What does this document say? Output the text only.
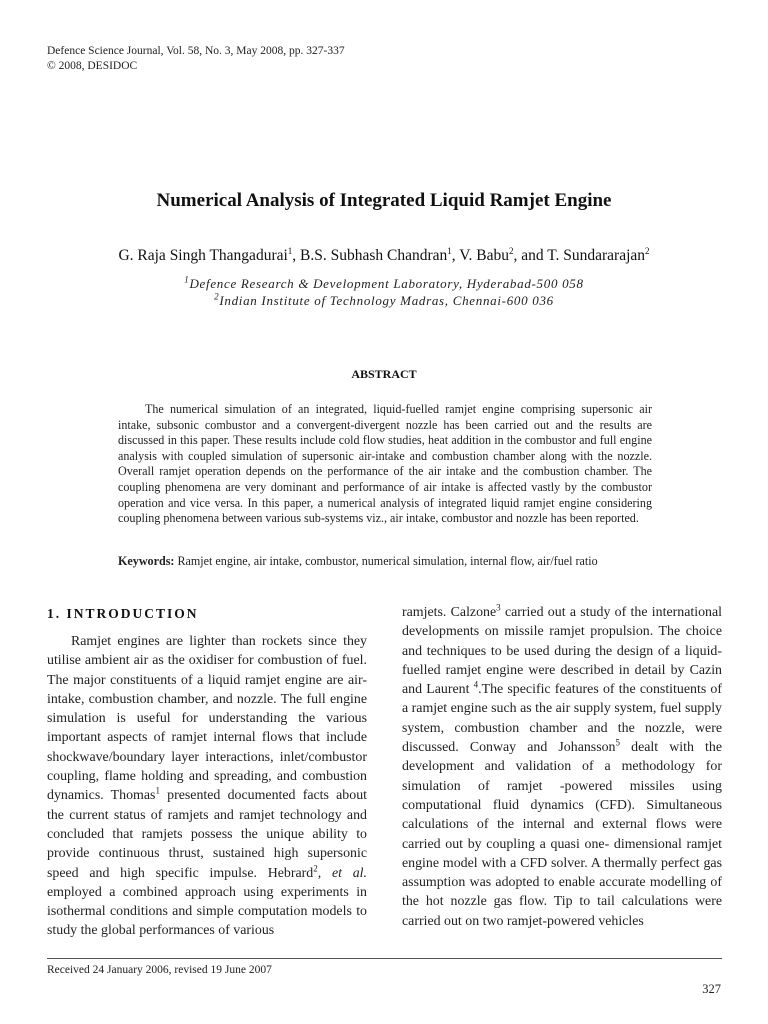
Defence Science Journal, Vol. 58, No. 3, May 2008, pp. 327-337
© 2008, DESIDOC
Numerical Analysis of Integrated Liquid Ramjet Engine
G. Raja Singh Thangadurai$^1$, B.S. Subhash Chandran$^1$, V. Babu$^2$, and T. Sundararajan$^2$
$^1$Defence Research & Development Laboratory, Hyderabad-500 058
$^2$Indian Institute of Technology Madras, Chennai-600 036
ABSTRACT

The numerical simulation of an integrated, liquid-fuelled ramjet engine comprising supersonic air intake, subsonic combustor and a convergent-divergent nozzle has been carried out and the results are discussed in this paper. These results include cold flow studies, heat addition in the combustor and full engine analysis with coupled simulation of supersonic air-intake and combustion chamber along with the nozzle. Overall ramjet operation depends on the performance of the air intake and the combustion chamber. The coupling phenomena are very dominant and performance of air intake is affected vastly by the combustor operation and vice versa. In this paper, a numerical analysis of integrated liquid ramjet engine considering coupling phenomena between various sub-systems viz., air intake, combustor and nozzle has been reported.

Keywords: Ramjet engine, air intake, combustor, numerical simulation, internal flow, air/fuel ratio
1. INTRODUCTION

Ramjet engines are lighter than rockets since they utilise ambient air as the oxidiser for combustion of fuel. The major constituents of a liquid ramjet engine are air-intake, combustion chamber, and nozzle. The full engine simulation is useful for understanding the various important aspects of ramjet internal flows that include shockwave/boundary layer interactions, inlet/combustor coupling, flame holding and spreading, and combustion dynamics. Thomas$^1$ presented documented facts about the current status of ramjets and ramjet technology and concluded that ramjets possess the unique ability to provide continuous thrust, sustained high supersonic speed and high specific impulse. Hebrard$^2$, et al. employed a combined approach using experiments in isothermal conditions and simple computation models to study the global performances of various

ramjets. Calzone$^3$ carried out a study of the international developments on missile ramjet propulsion. The choice and techniques to be used during the design of a liquid-fuelled ramjet engine were described in detail by Cazin and Laurent $^4$.The specific features of the constituents of a ramjet engine such as the air supply system, fuel supply system, combustion chamber and the nozzle, were discussed. Conway and Johansson$^5$ dealt with the development and validation of a methodology for simulation of ramjet -powered missiles using computational fluid dynamics (CFD). Simultaneous calculations of the internal and external flows were carried out by coupling a quasi one- dimensional ramjet engine model with a CFD solver. A thermally perfect gas assumption was adopted to enable accurate modelling of the hot nozzle gas flow. Tip to tail calculations were carried out on two ramjet-powered vehicles

Received 24 January 2006, revised 19 June 2007
327
